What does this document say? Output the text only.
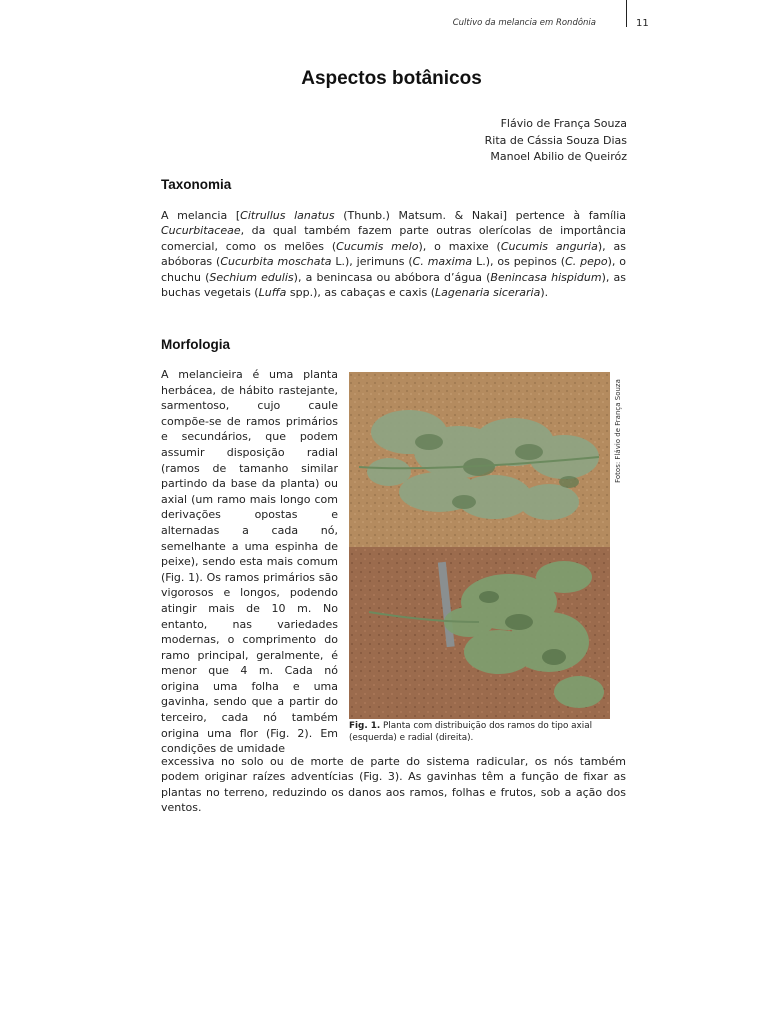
Cultivo da melancia em Rondônia	11
Aspectos botânicos
Flávio de França Souza
Rita de Cássia Souza Dias
Manoel Abilio de Queiróz
Taxonomia

A melancia [Citrullus lanatus (Thunb.) Matsum. & Nakai] pertence à família Cucurbitaceae, da qual também fazem parte outras olerícolas de importância comercial, como os melões (Cucumis melo), o maxixe (Cucumis anguria), as abóboras (Cucurbita moschata L.), jerimuns (C. maxima L.), os pepinos (C. pepo), o chuchu (Sechium edulis), a benincasa ou abóbora d’água (Benincasa hispidum), as buchas vegetais (Luffa spp.), as cabaças e caxis (Lagenaria siceraria).

Morfologia

A melancieira é uma planta herbácea, de hábito rastejante, sarmentoso, cujo caule compõe-se de ramos primários e secundários, que podem assumir disposição radial (ramos de tamanho similar partindo da base da planta) ou axial (um ramo mais longo com derivações opostas e alternadas a cada nó, semelhante a uma espinha de peixe), sendo esta mais comum (Fig. 1). Os ramos primários são vigorosos e longos, podendo atingir mais de 10 m. No entanto, nas variedades modernas, o comprimento do ramo principal, geralmente, é menor que 4 m. Cada nó origina uma folha e uma gavinha, sendo que a partir do terceiro, cada nó também origina uma flor (Fig. 2). Em condições de umidade

excessiva no solo ou de morte de parte do sistema radicular, os nós também podem originar raízes adventícias (Fig. 3). As gavinhas têm a função de fixar as plantas no terreno, reduzindo os danos aos ramos, folhas e frutos, sob a ação dos ventos.

Fotos: Flávio de França Souza
Fig. 1. Planta com distribuição dos ramos do tipo axial (esquerda) e radial (direita).
